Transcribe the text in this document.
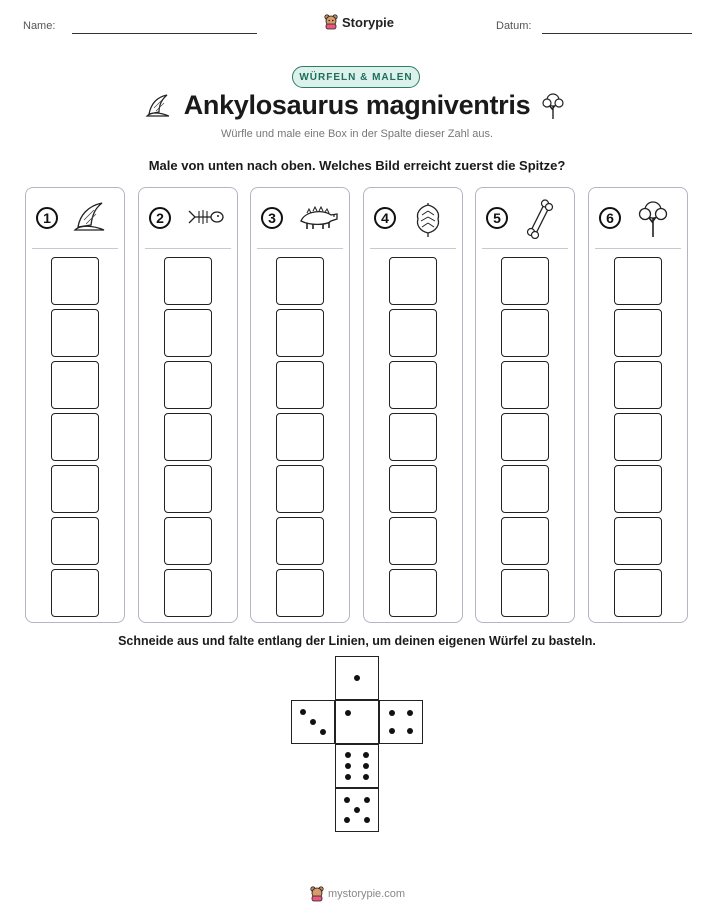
Name:	Storypie	Datum:
WÜRFELN & MALEN
Ankylosaurus magniventris
Würfle und male eine Box in der Spalte dieser Zahl aus.
Male von unten nach oben. Welches Bild erreicht zuerst die Spitze?
1	2	3	4	5	6
Schneide aus und falte entlang der Linien, um deinen eigenen Würfel zu basteln.
mystorypie.com
